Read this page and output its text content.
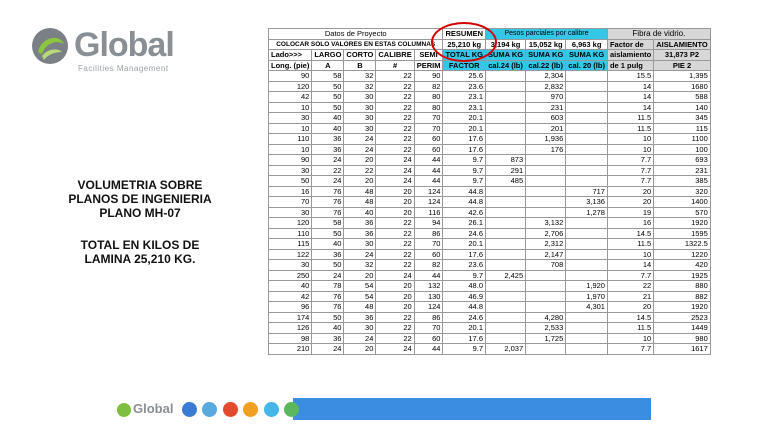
Global
Facilities Management
VOLUMETRIA SOBRE
PLANOS DE INGENIERIA
PLANO MH-07
TOTAL EN KILOS DE
LAMINA 25,210 KG.
Datos de Proyecto					RESUMEN	Pesos parciales por calibre			Fibra de vidrio.	
COLOCAR SOLO VALORES EN ESTAS COLUMNAS					25,210 kg	3,194 kg	15,052 kg	6,963 kg	Factor de	AISLAMIENTO
Lado>>>	LARGO	CORTO	CALIBRE	SEMI	TOTAL KG	SUMA KG	SUMA KG	SUMA KG	aislamiento	31,873 P2
Long. (pie)	A	B	#	PERIM	FACTOR	cal.24 (lb)	cal.22 (lb)	cal. 20 (lb)	de 1 pulg	PIE 2
90	58	32	22	90	25.6		2,304		15.5	1,395
120	50	32	22	82	23.6		2,832		14	1680
42	50	30	22	80	23.1		970		14	588
10	50	30	22	80	23.1		231		14	140
30	40	30	22	70	20.1		603		11.5	345
10	40	30	22	70	20.1		201		11.5	115
110	36	24	22	60	17.6		1,936		10	1100
10	36	24	22	60	17.6		176		10	100
90	24	20	24	44	9.7	873			7.7	693
30	22	22	24	44	9.7	291			7.7	231
50	24	20	24	44	9.7	485			7.7	385
16	76	48	20	124	44.8			717	20	320
70	76	48	20	124	44.8			3,136	20	1400
30	76	40	20	116	42.6			1,278	19	570
120	58	36	22	94	26.1		3,132		16	1920
110	50	36	22	86	24.6		2,706		14.5	1595
115	40	30	22	70	20.1		2,312		11.5	1322.5
122	36	24	22	60	17.6		2,147		10	1220
30	50	32	22	82	23.6		708		14	420
250	24	20	24	44	9.7	2,425			7.7	1925
40	78	54	20	132	48.0			1,920	22	880
42	76	54	20	130	46.9			1,970	21	882
96	76	48	20	124	44.8			4,301	20	1920
174	50	36	22	86	24.6		4,280		14.5	2523
126	40	30	22	70	20.1		2,533		11.5	1449
98	36	24	22	60	17.6		1,725		10	980
210	24	20	24	44	9.7	2,037			7.7	1617
Global
